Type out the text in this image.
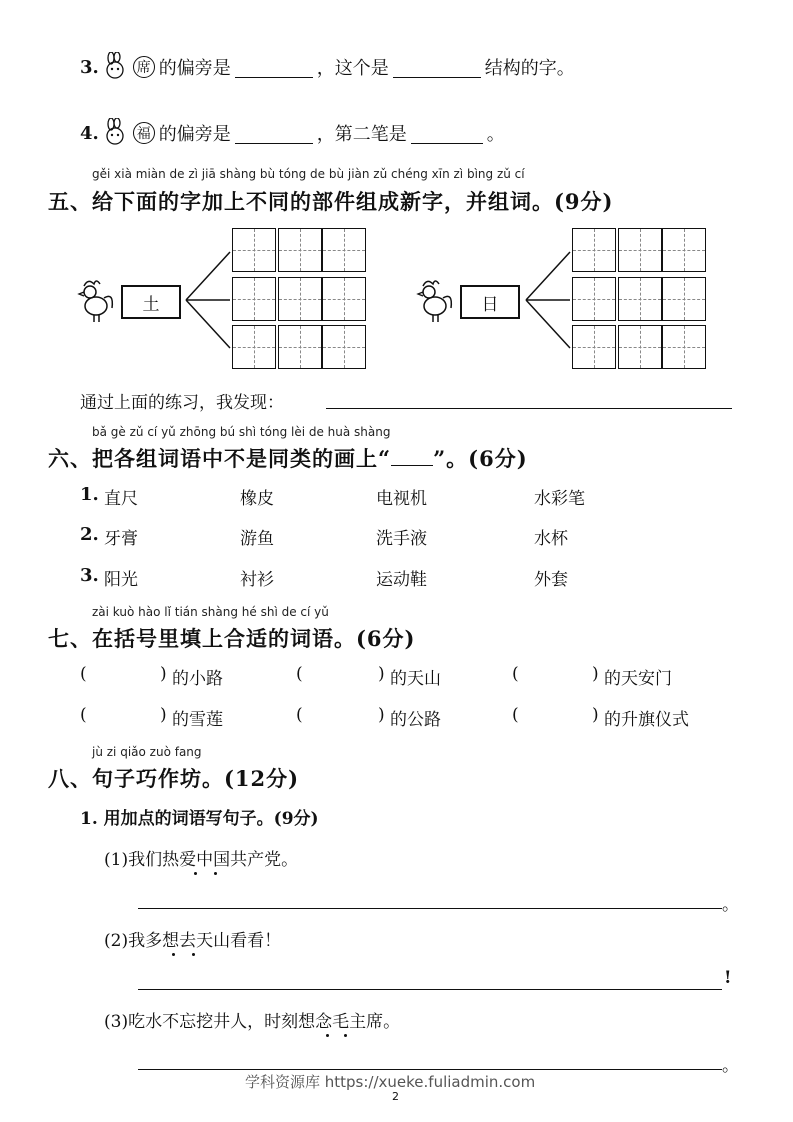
3.	席 的偏旁是	，这个是	结构的字。
4.	福 的偏旁是	，第二笔是	。
gěi xià miàn de zì jiā shàng bù tóng de bù jiàn zǔ chéng xīn zì bìng zǔ cí
五、给下面的字加上不同的部件组成新字，并组词。(9分)
土	日
通过上面的练习，我发现：
bǎ gè zǔ cí yǔ zhōng bú shì tóng lèi de huà shàng
六、把各组词语中不是同类的画上“ ”。(6分)
1. 直尺	橡皮	电视机	水彩笔
2. 牙膏	游鱼	洗手液	水杯
3. 阳光	衬衫	运动鞋	外套
zài kuò hào lǐ tián shàng hé shì de cí yǔ
七、在括号里填上合适的词语。(6分)
(	) 的小路	(	) 的天山	(	) 的天安门
(	) 的雪莲	(	) 的公路	(	) 的升旗仪式
jù zi qiǎo zuò fang
八、句子巧作坊。(12分)
1. 用加点的词语写句子。(9分)
(1)我们热爱中国共产党。
。
(2)我多想去天山看看！
!
(3)吃水不忘挖井人，时刻想念毛主席。
。
学科资源库 https://xueke.fuliadmin.com
2
